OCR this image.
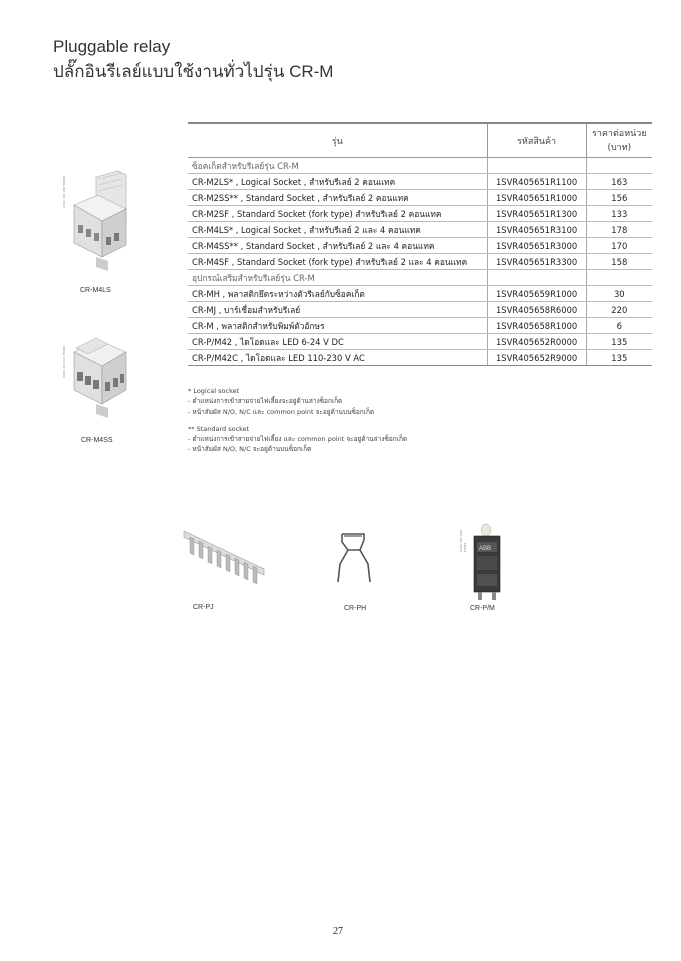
Pluggable relay
ปลั๊กอินรีเลย์แบบใช้งานทั่วไปรุ่น CR-M
2CDC 293 007 F0006
CR-M4LS
2CDC 293 011 F0006
CR-M4SS
รุ่น	รหัสสินค้า	ราคาต่อหน่วย
(บาท)

ซ็อคเก็ตสำหรับรีเลย์รุ่น CR-M		
CR-M2LS* , Logical Socket , สำหรับรีเลย์ 2 คอนแทค	1SVR405651R1100	163
CR-M2SS** , Standard Socket , สำหรับรีเลย์ 2 คอนแทค	1SVR405651R1000	156
CR-M2SF , Standard Socket (fork type) สำหรับรีเลย์ 2 คอนแทค	1SVR405651R1300	133
CR-M4LS* , Logical Socket , สำหรับรีเลย์ 2 และ 4 คอนแทค	1SVR405651R3100	178
CR-M4SS** , Standard Socket , สำหรับรีเลย์ 2 และ 4 คอนแทค	1SVR405651R3000	170
CR-M4SF , Standard Socket (fork type) สำหรับรีเลย์ 2 และ 4 คอนแทค	1SVR405651R3300	158
อุปกรณ์เสริมสำหรับรีเลย์รุ่น CR-M		
CR-MH , พลาสติกยึดระหว่างตัวรีเลย์กับซ็อคเก็ต	1SVR405659R1000	30
CR-MJ , บาร์เชื่อมสำหรับรีเลย์	1SVR405658R6000	220
CR-M , พลาสติกสำหรับพิมพ์ตัวอักษร	1SVR405658R1000	6
CR-P/M42 , ไดโอดและ LED 6-24 V DC	1SVR405652R0000	135
CR-P/M42C , ไดโอดและ LED 110-230 V AC	1SVR405652R9000	135
* Logical socket
- ตำแหน่งการเข้าสายจ่ายไฟเลี้ยงจะอยู่ด้านล่างซ็อกเก็ต
- หน้าสัมผัส N/O, N/C และ common point จะอยู่ด้านบนซ็อกเก็ต
** Standard socket
- ตำแหน่งการเข้าสายจ่ายไฟเลี้ยง และ common point จะอยู่ด้านล่างซ็อกเก็ต
- หน้าสัมผัส N/O, N/C จะอยู่ด้านบนซ็อกเก็ต
CR-PJ	CR-PH
ABB
2CDC 293 008 F0006
CR-P/M
27
